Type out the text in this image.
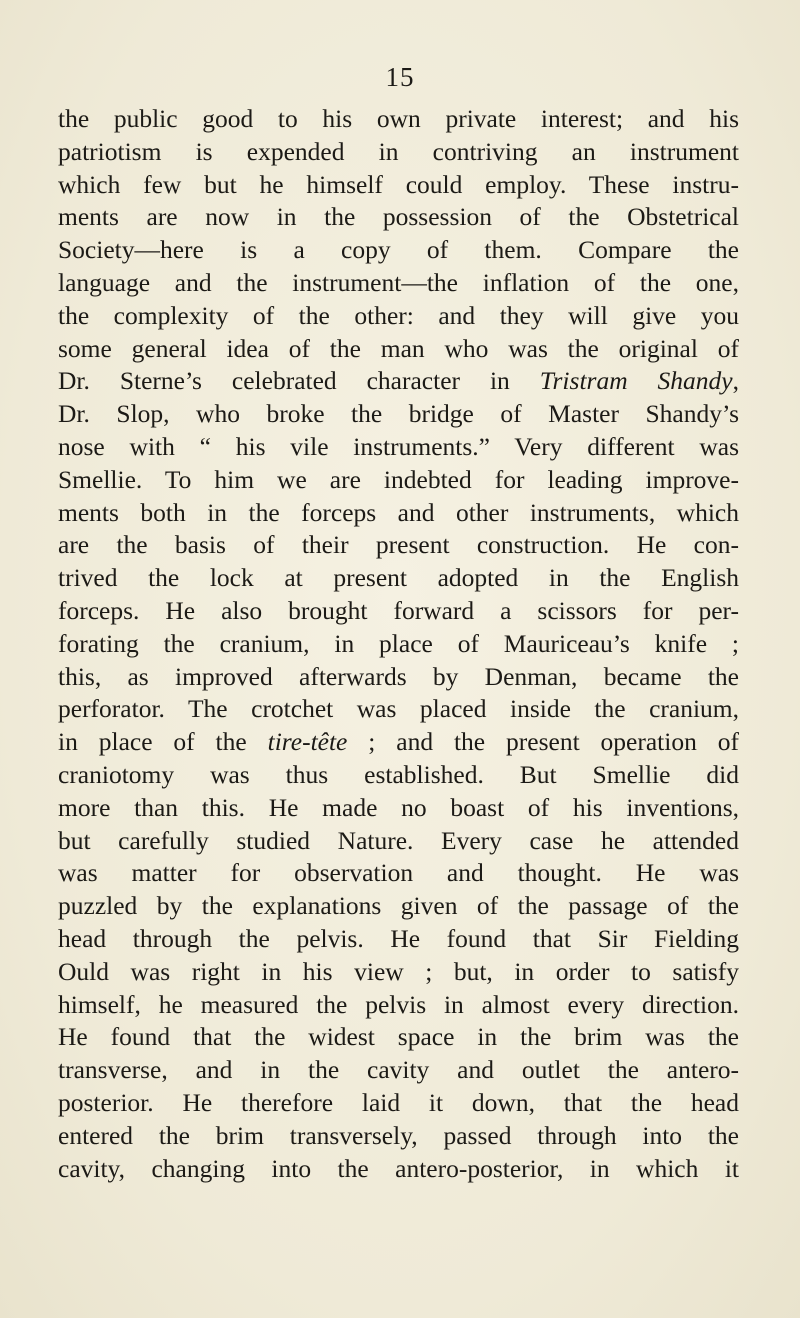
15
the public good to his own private interest; and his
patriotism is expended in contriving an instrument
which few but he himself could employ. These instru-
ments are now in the possession of the Obstetrical
Society—here is a copy of them. Compare the
language and the instrument—the inflation of the one,
the complexity of the other: and they will give you
some general idea of the man who was the original of
Dr. Sterne’s celebrated character in Tristram Shandy,
Dr. Slop, who broke the bridge of Master Shandy’s
nose with “ his vile instruments.” Very different was
Smellie. To him we are indebted for leading improve-
ments both in the forceps and other instruments, which
are the basis of their present construction. He con-
trived the lock at present adopted in the English
forceps. He also brought forward a scissors for per-
forating the cranium, in place of Mauriceau’s knife ;
this, as improved afterwards by Denman, became the
perforator. The crotchet was placed inside the cranium,
in place of the tire-tête ; and the present operation of
craniotomy was thus established. But Smellie did
more than this. He made no boast of his inventions,
but carefully studied Nature. Every case he attended
was matter for observation and thought. He was
puzzled by the explanations given of the passage of the
head through the pelvis. He found that Sir Fielding
Ould was right in his view ; but, in order to satisfy
himself, he measured the pelvis in almost every direction.
He found that the widest space in the brim was the
transverse, and in the cavity and outlet the antero-
posterior. He therefore laid it down, that the head
entered the brim transversely, passed through into the
cavity, changing into the antero-posterior, in which it
